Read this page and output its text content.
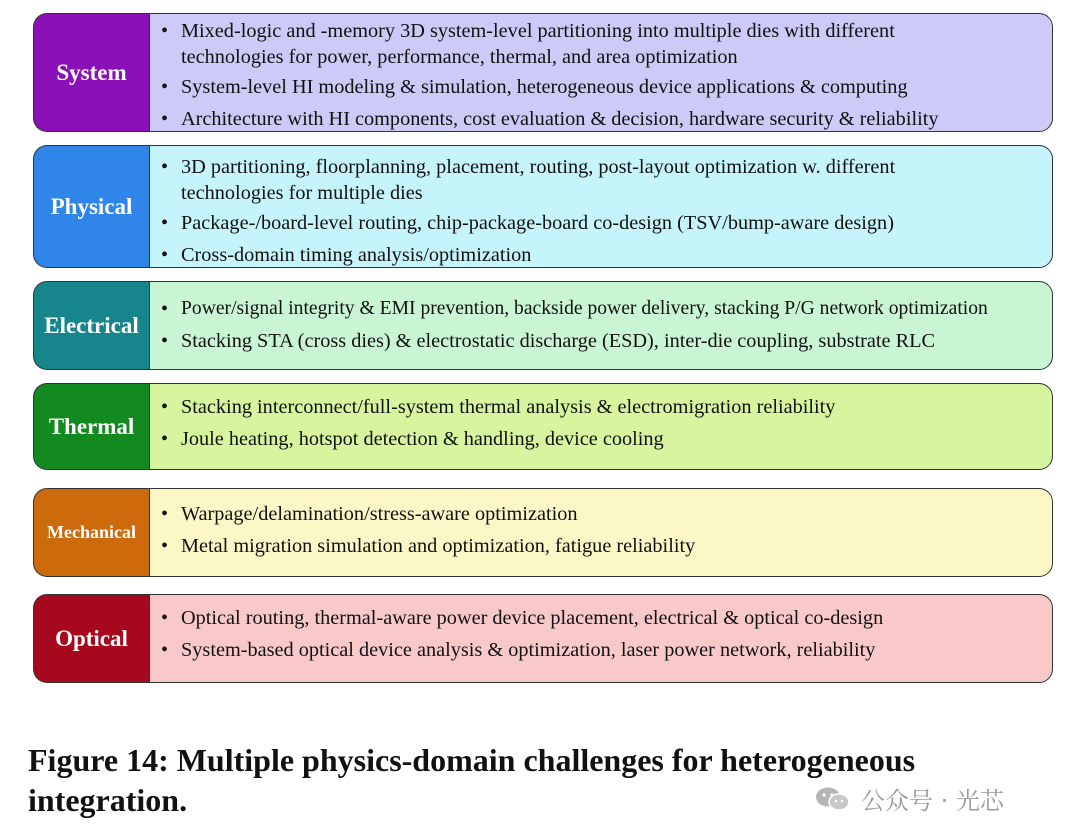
System
• Mixed-logic and -memory 3D system-level partitioning into multiple dies with different technologies for power, performance, thermal, and area optimization
• System-level HI modeling & simulation, heterogeneous device applications & computing
• Architecture with HI components, cost evaluation & decision, hardware security & reliability
Physical
• 3D partitioning, floorplanning, placement, routing, post-layout optimization w. different technologies for multiple dies
• Package-/board-level routing, chip-package-board co-design (TSV/bump-aware design)
• Cross-domain timing analysis/optimization
Electrical
• Power/signal integrity & EMI prevention, backside power delivery, stacking P/G network optimization
• Stacking STA (cross dies) & electrostatic discharge (ESD), inter-die coupling, substrate RLC
Thermal
• Stacking interconnect/full-system thermal analysis & electromigration reliability
• Joule heating, hotspot detection & handling, device cooling
Mechanical
• Warpage/delamination/stress-aware optimization
• Metal migration simulation and optimization, fatigue reliability
Optical
• Optical routing, thermal-aware power device placement, electrical & optical co-design
• System-based optical device analysis & optimization, laser power network, reliability
Figure 14: Multiple physics-domain challenges for heterogeneous integration.	公众号 · 光芯
